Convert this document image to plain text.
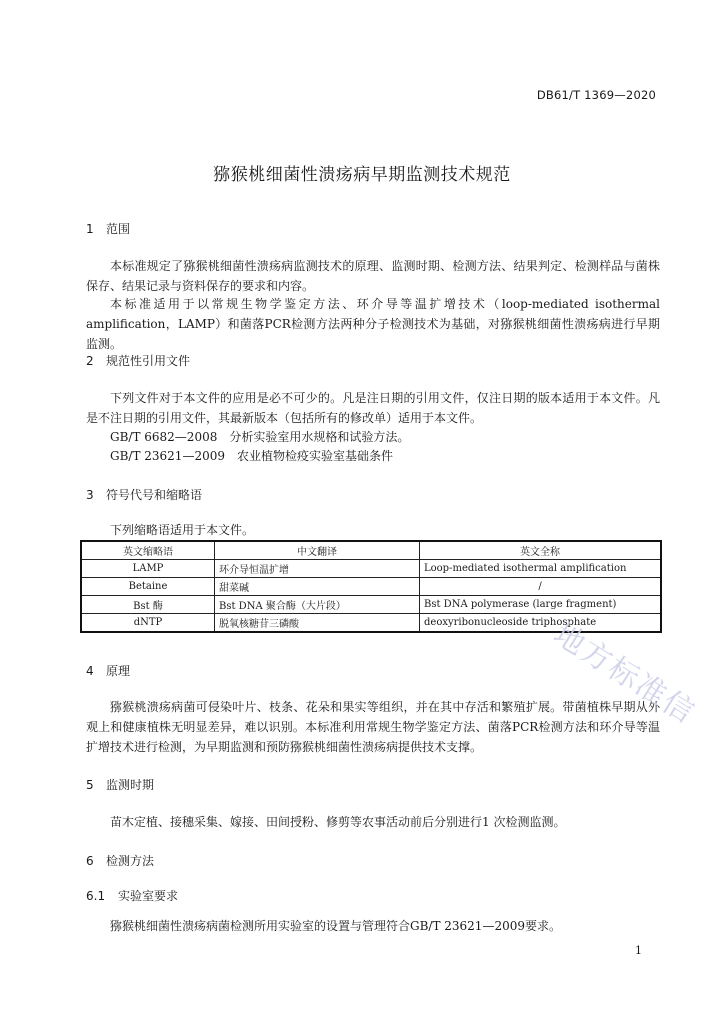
DB61/T 1369—2020
猕猴桃细菌性溃疡病早期监测技术规范
1 范围
本标准规定了猕猴桃细菌性溃疡病监测技术的原理、监测时期、检测方法、结果判定、检测样品与菌株保存、结果记录与资料保存的要求和内容。
本标准适用于以常规生物学鉴定方法、环介导等温扩增技术（loop-mediated isothermal amplification，LAMP）和菌落PCR检测方法两种分子检测技术为基础，对猕猴桃细菌性溃疡病进行早期监测。
2 规范性引用文件
下列文件对于本文件的应用是必不可少的。凡是注日期的引用文件，仅注日期的版本适用于本文件。凡是不注日期的引用文件，其最新版本（包括所有的修改单）适用于本文件。
GB/T 6682—2008　分析实验室用水规格和试验方法。
GB/T 23621—2009　农业植物检疫实验室基础条件
3 符号代号和缩略语
下列缩略语适用于本文件。
英文缩略语	中文翻译	英文全称
LAMP	环介导恒温扩增	Loop-mediated isothermal amplification
Betaine	甜菜碱	/
Bst 酶	Bst DNA 聚合酶（大片段）	Bst DNA polymerase (large fragment)
dNTP	脱氧核糖苷三磷酸	deoxyribonucleoside triphosphate
4 原理
猕猴桃溃疡病菌可侵染叶片、枝条、花朵和果实等组织，并在其中存活和繁殖扩展。带菌植株早期从外观上和健康植株无明显差异，难以识别。本标准利用常规生物学鉴定方法、菌落PCR检测方法和环介导等温扩增技术进行检测，为早期监测和预防猕猴桃细菌性溃疡病提供技术支撑。
5 监测时期
苗木定植、接穗采集、嫁接、田间授粉、修剪等农事活动前后分别进行1 次检测监测。
6 检测方法
6.1 实验室要求
猕猴桃细菌性溃疡病菌检测所用实验室的设置与管理符合GB/T 23621—2009要求。
地方标准信
1
